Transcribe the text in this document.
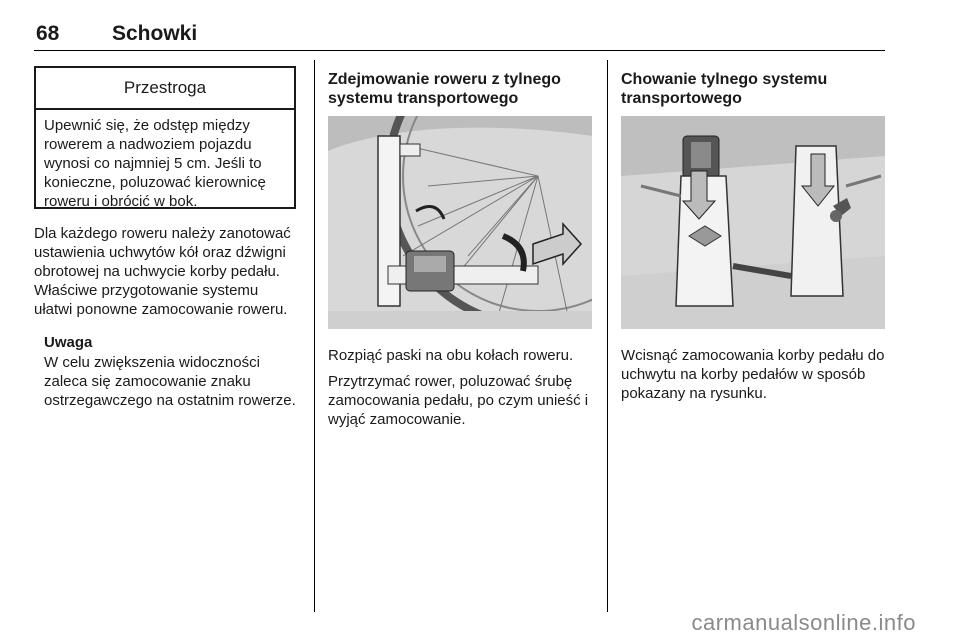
68	Schowki
Przestroga
Upewnić się, że odstęp między rowerem a nadwoziem pojazdu wynosi co najmniej 5 cm. Jeśli to konieczne, poluzować kierownicę roweru i obrócić w bok.

Dla każdego roweru należy zanotować ustawienia uchwytów kół oraz dźwigni obrotowej na uchwycie korby pedału. Właściwe przygotowanie systemu ułatwi ponowne zamocowanie roweru.

Uwaga

W celu zwiększenia widoczności zaleca się zamocowanie znaku ostrzegawczego na ostatnim rowerze.

Zdejmowanie roweru z tylnego systemu transportowego

Rozpiąć paski na obu kołach roweru.

Przytrzymać rower, poluzować śrubę zamocowania pedału, po czym unieść i wyjąć zamocowanie.

Chowanie tylnego systemu transportowego

Wcisnąć zamocowania korby pedału do uchwytu na korby pedałów w sposób pokazany na rysunku.

carmanualsonline.info
